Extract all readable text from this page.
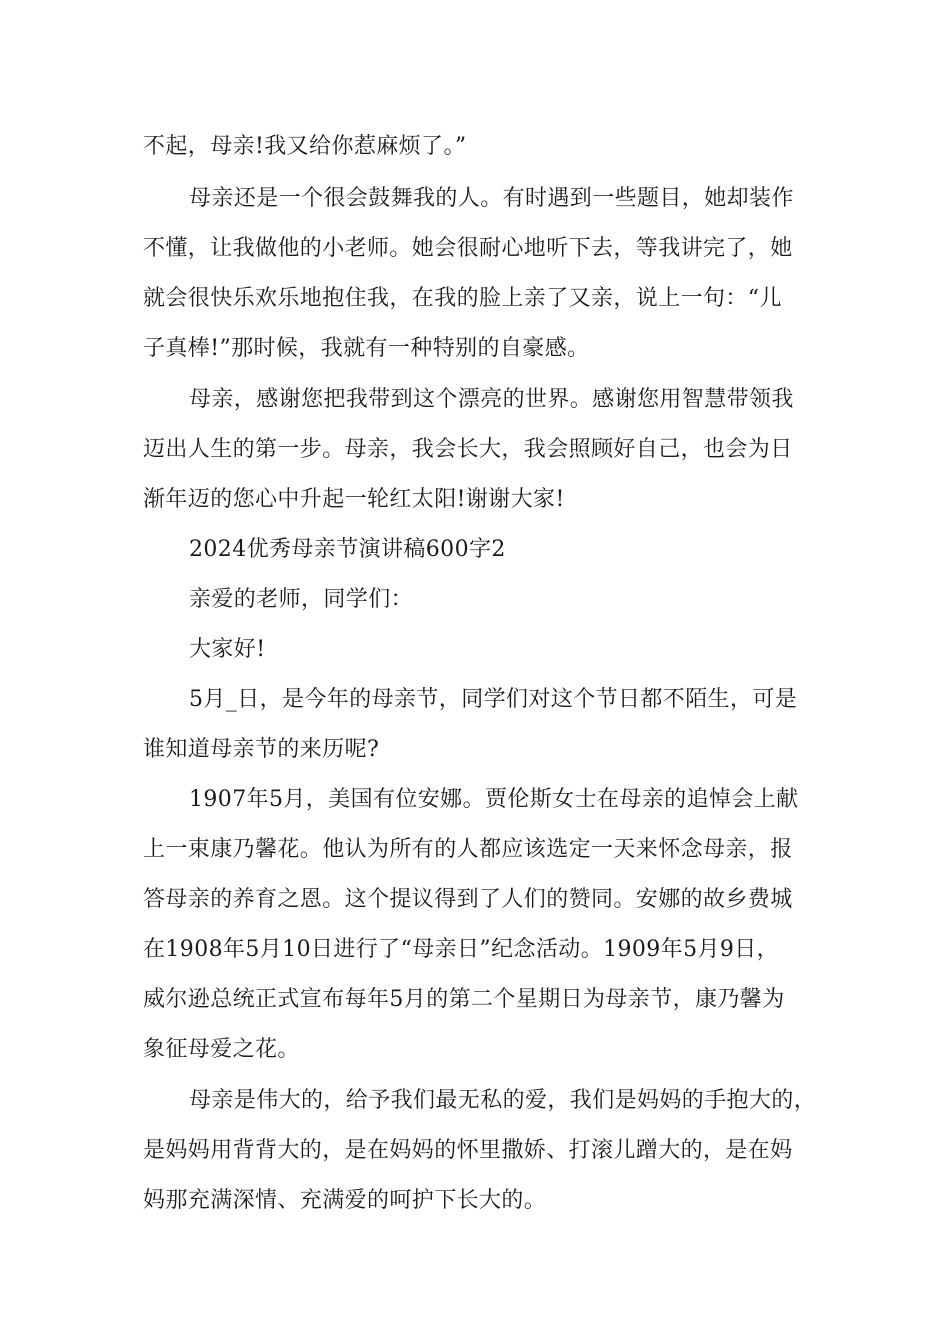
不起，母亲!我又给你惹麻烦了。”
母亲还是一个很会鼓舞我的人。有时遇到一些题目，她却装作
不懂，让我做他的小老师。她会很耐心地听下去，等我讲完了，她
就会很快乐欢乐地抱住我，在我的脸上亲了又亲，说上一句：“儿
子真棒!”那时候，我就有一种特别的自豪感。
母亲，感谢您把我带到这个漂亮的世界。感谢您用智慧带领我
迈出人生的第一步。母亲，我会长大，我会照顾好自己，也会为日
渐年迈的您心中升起一轮红太阳!谢谢大家!
2024优秀母亲节演讲稿600字2
亲爱的老师，同学们：
大家好!
5月_日，是今年的母亲节，同学们对这个节日都不陌生，可是
谁知道母亲节的来历呢?
1907年5月，美国有位安娜。贾伦斯女士在母亲的追悼会上献
上一束康乃馨花。他认为所有的人都应该选定一天来怀念母亲，报
答母亲的养育之恩。这个提议得到了人们的赞同。安娜的故乡费城
在1908年5月10日进行了“母亲日”纪念活动。1909年5月9日，
威尔逊总统正式宣布每年5月的第二个星期日为母亲节，康乃馨为
象征母爱之花。
母亲是伟大的，给予我们最无私的爱，我们是妈妈的手抱大的，
是妈妈用背背大的，是在妈妈的怀里撒娇、打滚儿蹭大的，是在妈
妈那充满深情、充满爱的呵护下长大的。
